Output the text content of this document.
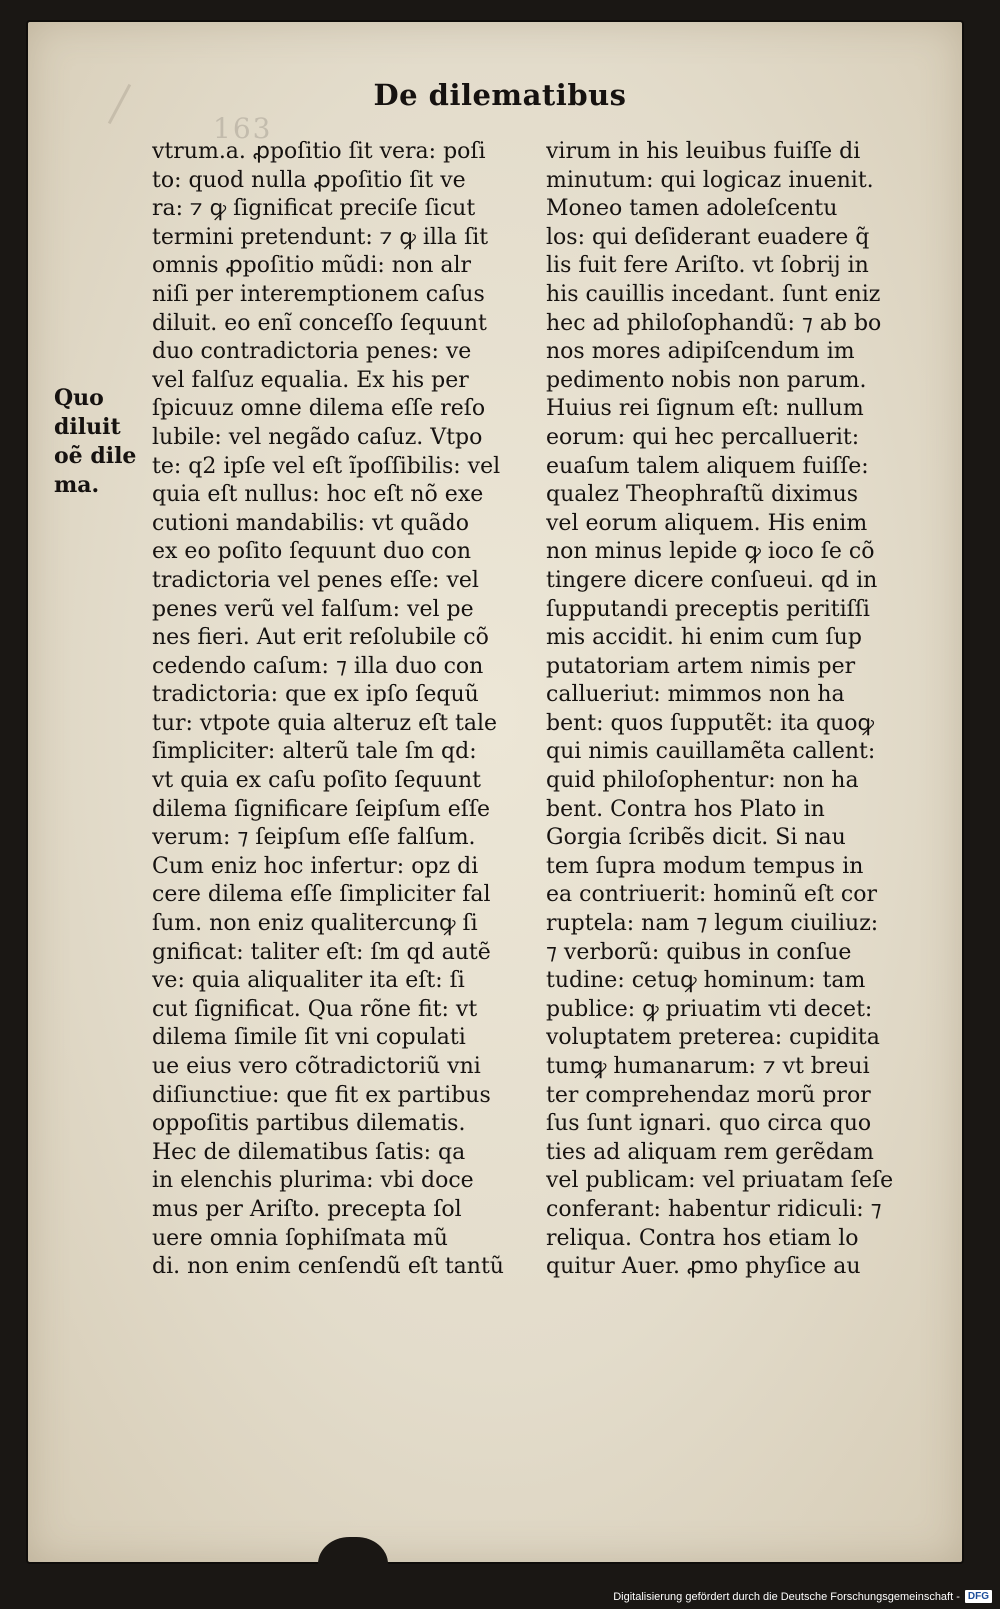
163
De dilematibus
Quo
diluit
oẽ dile
ma.
vtrum.a. ꝓpoſitio ſit vera: poſi
to: quod nulla ꝓpoſitio ſit ve
ra: ⁊ ꝙ ſignificat preciſe ſicut
termini pretendunt: ⁊ ꝙ illa ſit
omnis ꝓpoſitio mũdi: non alr
niſi per interemptionem caſus
diluit. eo enĩ conceſſo ſequunt
duo contradictoria penes: ve
vel falſuz equalia. Ex his per
ſpicuuz omne dilema eſſe reſo
lubile: vel negãdo caſuz. Vtpo
te: q2 ipſe vel eſt ĩpoſſibilis: vel
quia eſt nullus: hoc eſt nõ exe
cutioni mandabilis: vt quãdo
ex eo poſito ſequunt duo con
tradictoria vel penes eſſe: vel
penes verũ vel falſum: vel pe
nes fieri. Aut erit reſolubile cõ
cedendo caſum: ⁊ illa duo con
tradictoria: que ex ipſo ſequũ
tur: vtpote quia alteruz eſt tale
ſimpliciter: alterũ tale ſm qd:
vt quia ex caſu poſito ſequunt
dilema ſignificare ſeipſum eſſe
verum: ⁊ ſeipſum eſſe falſum.
Cum eniz hoc infertur: opz di
cere dilema eſſe ſimpliciter fal
ſum. non eniz qualitercunꝙ ſi
gnificat: taliter eſt: ſm qd autẽ
ve: quia aliqualiter ita eſt: ſi
cut ſignificat. Qua rõne fit: vt
dilema ſimile ſit vni copulati
ue eius vero cõtradictoriũ vni
diſiunctiue: que fit ex partibus
oppoſitis partibus dilematis.
Hec de dilematibus ſatis: qa
in elenchis plurima: vbi doce
mus per Ariſto. precepta ſol
uere omnia ſophiſmata mũ
di. non enim cenſendũ eſt tantũ
virum in his leuibus fuiſſe di
minutum: qui logicaz inuenit.
Moneo tamen adoleſcentu
los: qui deſiderant euadere q̃
lis fuit fere Ariſto. vt ſobrij in
his cauillis incedant. ſunt eniz
hec ad philoſophandũ: ⁊ ab bo
nos mores adipiſcendum im
pedimento nobis non parum.
Huius rei ſignum eſt: nullum
eorum: qui hec percalluerit:
euaſum talem aliquem fuiſſe:
qualez Theophraſtũ diximus
vel eorum aliquem. His enim
non minus lepide ꝙ ioco ſe cõ
tingere dicere conſueui. qd in
ſupputandi preceptis peritiſſi
mis accidit. hi enim cum ſup
putatoriam artem nimis per
callueriut: mimmos non ha
bent: quos ſupputẽt: ita quoꝙ
qui nimis cauillamẽta callent:
quid philoſophentur: non ha
bent. Contra hos Plato in
Gorgia ſcribẽs dicit. Si nau
tem ſupra modum tempus in
ea contriuerit: hominũ eſt cor
ruptela: nam ⁊ legum ciuiliuz:
⁊ verborũ: quibus in conſue
tudine: cetuꝙ hominum: tam
publice: ꝙ priuatim vti decet:
voluptatem preterea: cupidita
tumꝙ humanarum: ⁊ vt breui
ter comprehendaz morũ pror
ſus ſunt ignari. quo circa quo
ties ad aliquam rem gerẽdam
vel publicam: vel priuatam ſeſe
conferant: habentur ridiculi: ⁊
reliqua. Contra hos etiam lo
quitur Auer. ꝓmo phyſice au
Digitalisierung gefördert durch die Deutsche Forschungsgemeinschaft - DFG
